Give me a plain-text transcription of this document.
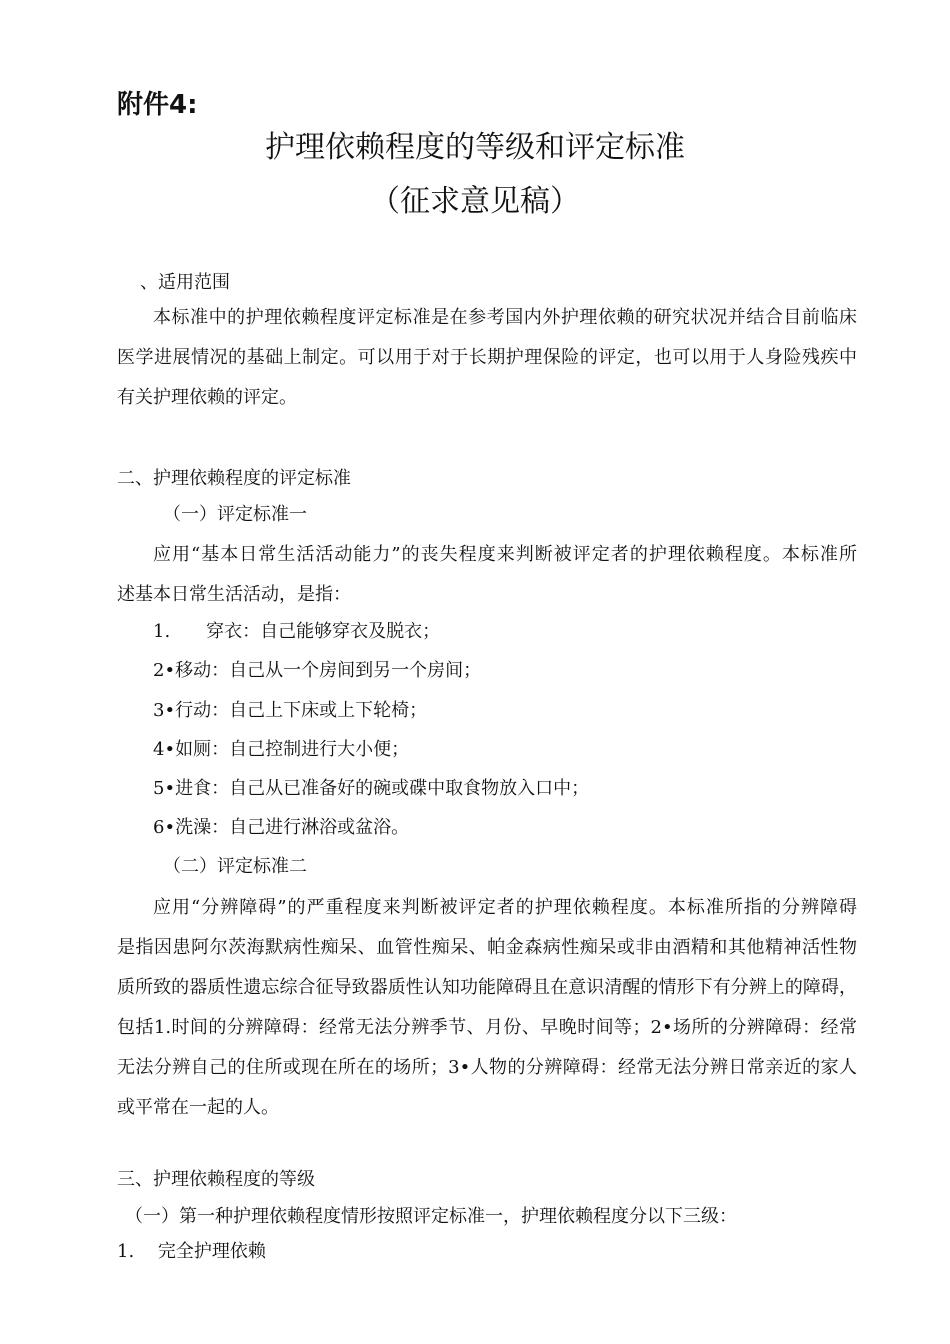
附件4:
护理依赖程度的等级和评定标准
（征求意见稿）
、适用范围
本标准中的护理依赖程度评定标准是在参考国内外护理依赖的研究状况并结合目前临床
医学进展情况的基础上制定。可以用于对于长期护理保险的评定，也可以用于人身险残疾中
有关护理依赖的评定。
二、护理依赖程度的评定标准
（一）评定标准一
应用“基本日常生活活动能力”的丧失程度来判断被评定者的护理依赖程度。本标准所
述基本日常生活活动，是指：
1.　　穿衣：自己能够穿衣及脱衣；
2•移动：自己从一个房间到另一个房间；
3•行动：自己上下床或上下轮椅；
4•如厕：自己控制进行大小便；
5•进食：自己从已准备好的碗或碟中取食物放入口中；
6•洗澡：自己进行淋浴或盆浴。
（二）评定标准二
应用“分辨障碍”的严重程度来判断被评定者的护理依赖程度。本标准所指的分辨障碍
是指因患阿尔茨海默病性痴呆、血管性痴呆、帕金森病性痴呆或非由酒精和其他精神活性物
质所致的器质性遗忘综合征导致器质性认知功能障碍且在意识清醒的情形下有分辨上的障碍，
包括1.时间的分辨障碍：经常无法分辨季节、月份、早晚时间等；2•场所的分辨障碍：经常
无法分辨自己的住所或现在所在的场所；3•人物的分辨障碍：经常无法分辨日常亲近的家人
或平常在一起的人。
三、护理依赖程度的等级
（一）第一种护理依赖程度情形按照评定标准一，护理依赖程度分以下三级：
1.　 完全护理依赖
